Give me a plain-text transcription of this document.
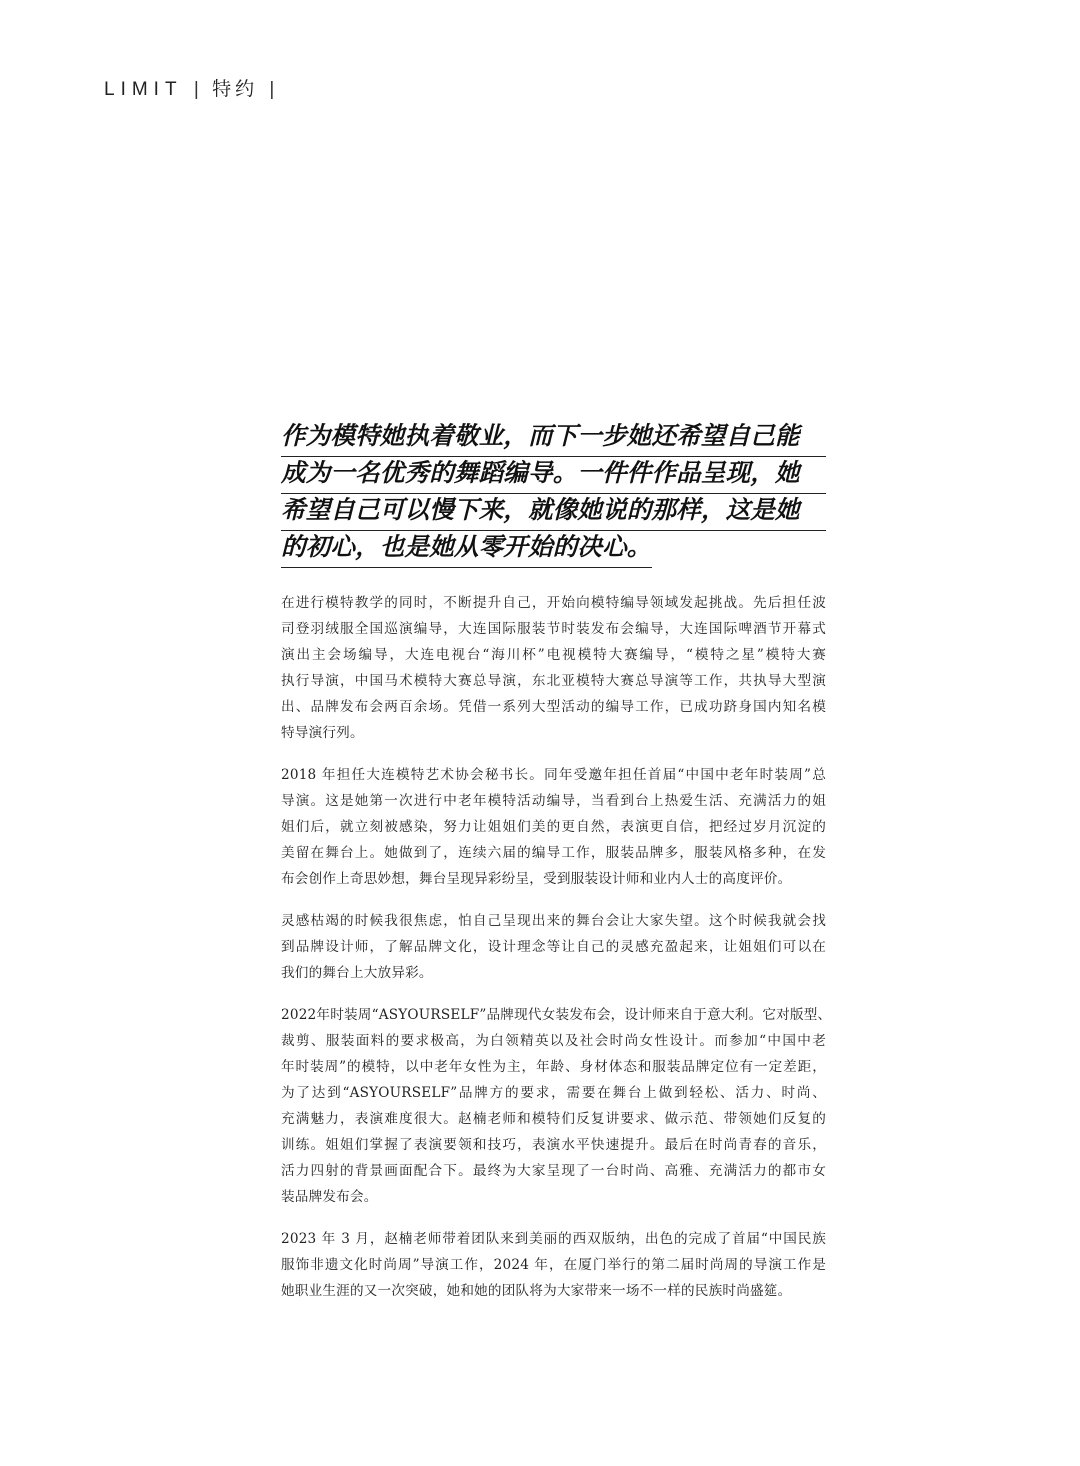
LIMIT | 特约 |
作为模特她执着敬业，而下一步她还希望自己能
成为一名优秀的舞蹈编导。一件件作品呈现，她
希望自己可以慢下来，就像她说的那样，这是她
的初心，也是她从零开始的决心。
在进行模特教学的同时，不断提升自己，开始向模特编导领域发起挑战。先后担任波
司登羽绒服全国巡演编导，大连国际服装节时装发布会编导，大连国际啤酒节开幕式
演出主会场编导，大连电视台“海川杯”电视模特大赛编导，“模特之星”模特大赛
执行导演，中国马术模特大赛总导演，东北亚模特大赛总导演等工作，共执导大型演
出、品牌发布会两百余场。凭借一系列大型活动的编导工作，已成功跻身国内知名模
特导演行列。
2018 年担任大连模特艺术协会秘书长。同年受邀年担任首届“中国中老年时装周”总
导演。这是她第一次进行中老年模特活动编导，当看到台上热爱生活、充满活力的姐
姐们后，就立刻被感染，努力让姐姐们美的更自然，表演更自信，把经过岁月沉淀的
美留在舞台上。她做到了，连续六届的编导工作，服装品牌多，服装风格多种，在发
布会创作上奇思妙想，舞台呈现异彩纷呈，受到服装设计师和业内人士的高度评价。
灵感枯竭的时候我很焦虑，怕自己呈现出来的舞台会让大家失望。这个时候我就会找
到品牌设计师，了解品牌文化，设计理念等让自己的灵感充盈起来，让姐姐们可以在
我们的舞台上大放异彩。
2022年时装周“ASYOURSELF”品牌现代女装发布会，设计师来自于意大利。它对版型、
裁剪、服装面料的要求极高，为白领精英以及社会时尚女性设计。而参加“中国中老
年时装周”的模特，以中老年女性为主，年龄、身材体态和服装品牌定位有一定差距，
为了达到“ASYOURSELF”品牌方的要求，需要在舞台上做到轻松、活力、时尚、
充满魅力，表演难度很大。赵楠老师和模特们反复讲要求、做示范、带领她们反复的
训练。姐姐们掌握了表演要领和技巧，表演水平快速提升。最后在时尚青春的音乐，
活力四射的背景画面配合下。最终为大家呈现了一台时尚、高雅、充满活力的都市女
装品牌发布会。
2023 年 3 月，赵楠老师带着团队来到美丽的西双版纳，出色的完成了首届“中国民族
服饰非遗文化时尚周”导演工作，2024 年，在厦门举行的第二届时尚周的导演工作是
她职业生涯的又一次突破，她和她的团队将为大家带来一场不一样的民族时尚盛筵。
